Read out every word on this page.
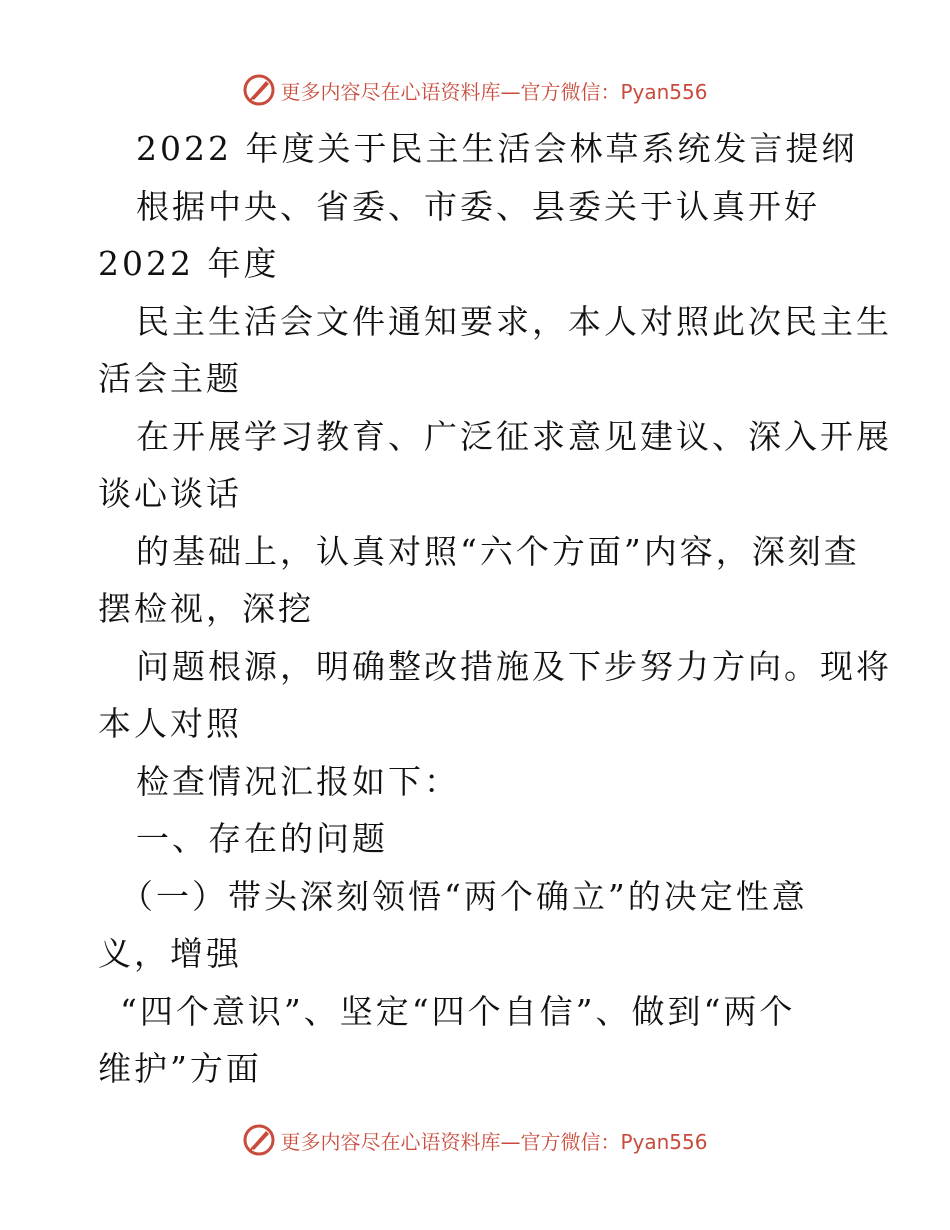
更多内容尽在心语资料库—官方微信：Pyan556
2022 年度关于民主生活会林草系统发言提纲
根据中央、省委、市委、县委关于认真开好
2022 年度
民主生活会文件通知要求，本人对照此次民主生
活会主题
在开展学习教育、广泛征求意见建议、深入开展
谈心谈话
的基础上，认真对照“六个方面”内容，深刻查
摆检视，深挖
问题根源，明确整改措施及下步努力方向。现将
本人对照
检查情况汇报如下：
一、存在的问题
（一）带头深刻领悟“两个确立”的决定性意
义，增强
“四个意识”、坚定“四个自信”、做到“两个
维护”方面
更多内容尽在心语资料库—官方微信：Pyan556
